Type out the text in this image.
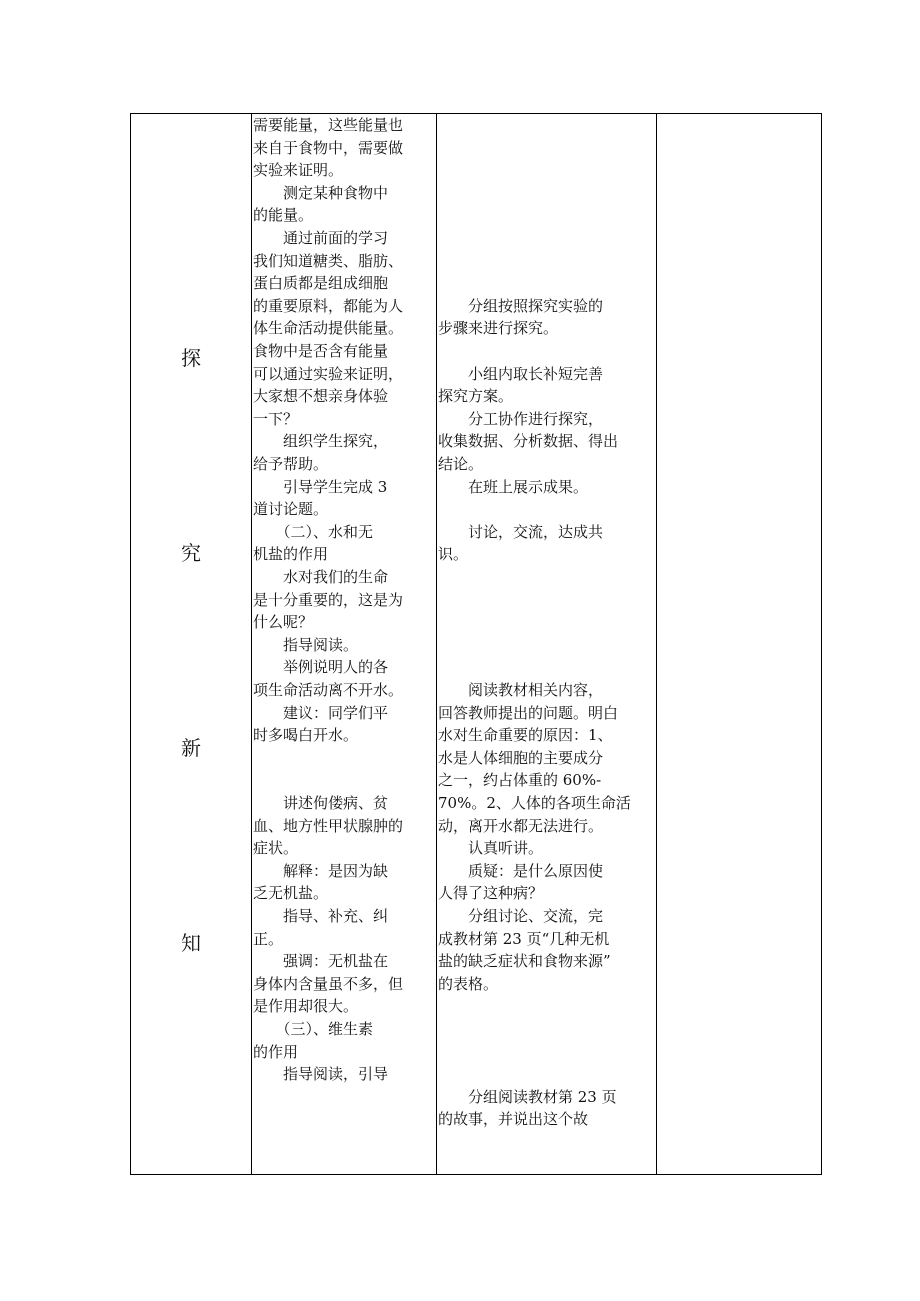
探
究
新
知
需要能量，这些能量也
来自于食物中，需要做
实验来证明。
　　测定某种食物中
的能量。
　　通过前面的学习
我们知道糖类、脂肪、
蛋白质都是组成细胞
的重要原料，都能为人
体生命活动提供能量。
食物中是否含有能量
可以通过实验来证明，
大家想不想亲身体验
一下？
　　组织学生探究，
给予帮助。
　　引导学生完成 3
道讨论题。
　　（二）、水和无
机盐的作用
　　水对我们的生命
是十分重要的，这是为
什么呢？
　　指导阅读。
　　举例说明人的各
项生命活动离不开水。
　　建议：同学们平
时多喝白开水。
　　讲述佝偻病、贫
血、地方性甲状腺肿的
症状。
　　解释：是因为缺
乏无机盐。
　　指导、补充、纠
正。
　　强调：无机盐在
身体内含量虽不多，但
是作用却很大。
　　（三）、维生素
的作用
　　指导阅读，引导
　　分组按照探究实验的
步骤来进行探究。
　　小组内取长补短完善
探究方案。
　　分工协作进行探究，
收集数据、分析数据、得出
结论。
　　在班上展示成果。
　　讨论，交流，达成共
识。
　　阅读教材相关内容，
回答教师提出的问题。明白
水对生命重要的原因：1、
水是人体细胞的主要成分
之一，约占体重的 60%-
70%。2、人体的各项生命活
动，离开水都无法进行。
　　认真听讲。
　　质疑：是什么原因使
人得了这种病？
　　分组讨论、交流，完
成教材第 23 页“几种无机
盐的缺乏症状和食物来源”
的表格。
　　分组阅读教材第 23 页
的故事，并说出这个故
